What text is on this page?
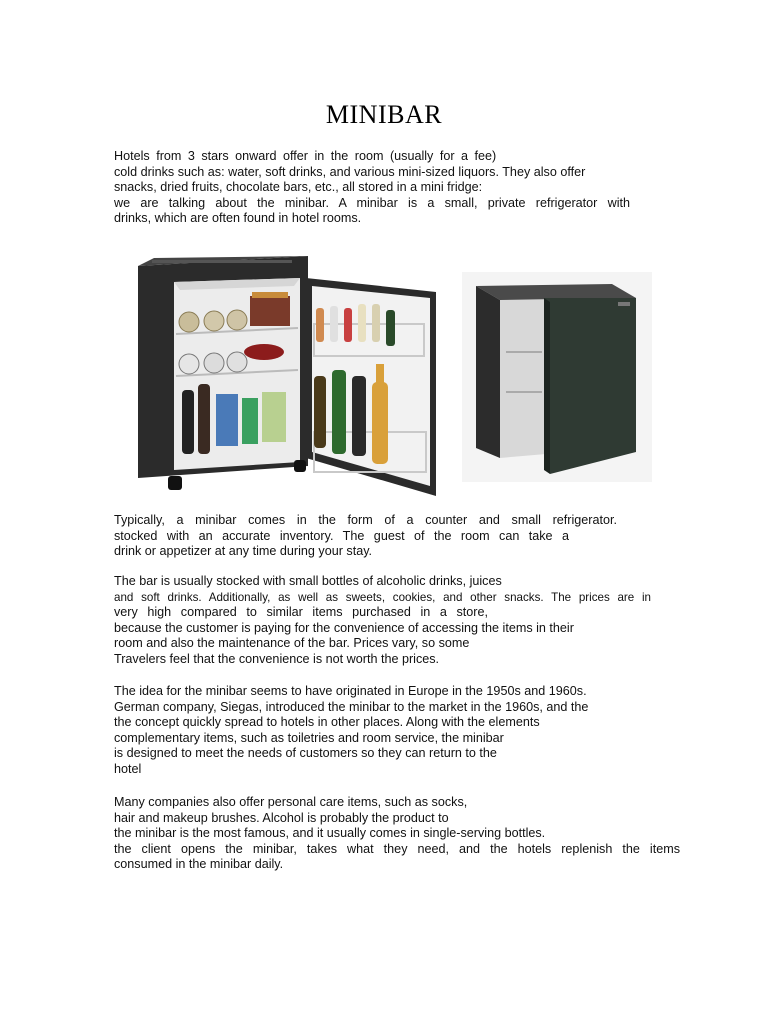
MINIBAR
Hotels from 3 stars onward offer in the room (usually for a fee)
cold drinks such as: water, soft drinks, and various mini-sized liquors. They also offer
snacks, dried fruits, chocolate bars, etc., all stored in a mini fridge:
we are talking about the minibar. A minibar is a small, private refrigerator with
drinks, which are often found in hotel rooms.
Typically, a minibar comes in the form of a counter and small refrigerator.
stocked with an accurate inventory. The guest of the room can take a
drink or appetizer at any time during your stay.
The bar is usually stocked with small bottles of alcoholic drinks, juices
and soft drinks. Additionally, as well as sweets, cookies, and other snacks. The prices are in
very high compared to similar items purchased in a store,
because the customer is paying for the convenience of accessing the items in their
room and also the maintenance of the bar. Prices vary, so some
Travelers feel that the convenience is not worth the prices.
The idea for the minibar seems to have originated in Europe in the 1950s and 1960s.
German company, Siegas, introduced the minibar to the market in the 1960s, and the
the concept quickly spread to hotels in other places. Along with the elements
complementary items, such as toiletries and room service, the minibar
is designed to meet the needs of customers so they can return to the
hotel
Many companies also offer personal care items, such as socks,
hair and makeup brushes. Alcohol is probably the product to
the minibar is the most famous, and it usually comes in single-serving bottles.
the client opens the minibar, takes what they need, and the hotels replenish the items
consumed in the minibar daily.
